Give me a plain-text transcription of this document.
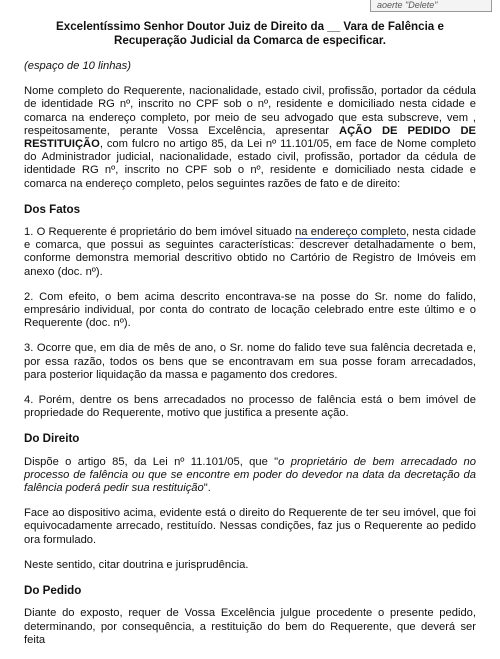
aoerte "Delete"
Excelentíssimo Senhor Doutor Juiz de Direito da __ Vara de Falência e Recuperação Judicial da Comarca de especificar.
(espaço de 10 linhas)

Nome completo do Requerente, nacionalidade, estado civil, profissão, portador da cédula de identidade RG nº, inscrito no CPF sob o nº, residente e domiciliado nesta cidade e comarca na endereço completo, por meio de seu advogado que esta subscreve, vem , respeitosamente, perante Vossa Excelência, apresentar AÇÃO DE PEDIDO DE RESTITUIÇÃO, com fulcro no artigo 85, da Lei nº 11.101/05, em face de Nome completo do Administrador judicial, nacionalidade, estado civil, profissão, portador da cédula de identidade RG nº, inscrito no CPF sob o nº, residente e domiciliado nesta cidade e comarca na endereço completo, pelos seguintes razões de fato e de direito:

Dos Fatos

1. O Requerente é proprietário do bem imóvel situado na endereço completo, nesta cidade e comarca, que possui as seguintes características: descrever detalhadamente o bem, conforme demonstra memorial descritivo obtido no Cartório de Registro de Imóveis em anexo (doc. nº).

2. Com efeito, o bem acima descrito encontrava-se na posse do Sr. nome do falido, empresário individual, por conta do contrato de locação celebrado entre este último e o Requerente (doc. nº).

3. Ocorre que, em dia de mês de ano, o Sr. nome do falido teve sua falência decretada e, por essa razão, todos os bens que se encontravam em sua posse foram arrecadados, para posterior liquidação da massa e pagamento dos credores.

4. Porém, dentre os bens arrecadados no processo de falência está o bem imóvel de propriedade do Requerente, motivo que justifica a presente ação.

Do Direito

Dispõe o artigo 85, da Lei nº 11.101/05, que "o proprietário de bem arrecadado no processo de falência ou que se encontre em poder do devedor na data da decretação da falência poderá pedir sua restituição".

Face ao dispositivo acima, evidente está o direito do Requerente de ter seu imóvel, que foi equivocadamente arrecado, restituído. Nessas condições, faz jus o Requerente ao pedido ora formulado.

Neste sentido, citar doutrina e jurisprudência.

Do Pedido

Diante do exposto, requer de Vossa Excelência julgue procedente o presente pedido, determinando, por consequência, a restituição do bem do Requerente, que deverá ser feita
